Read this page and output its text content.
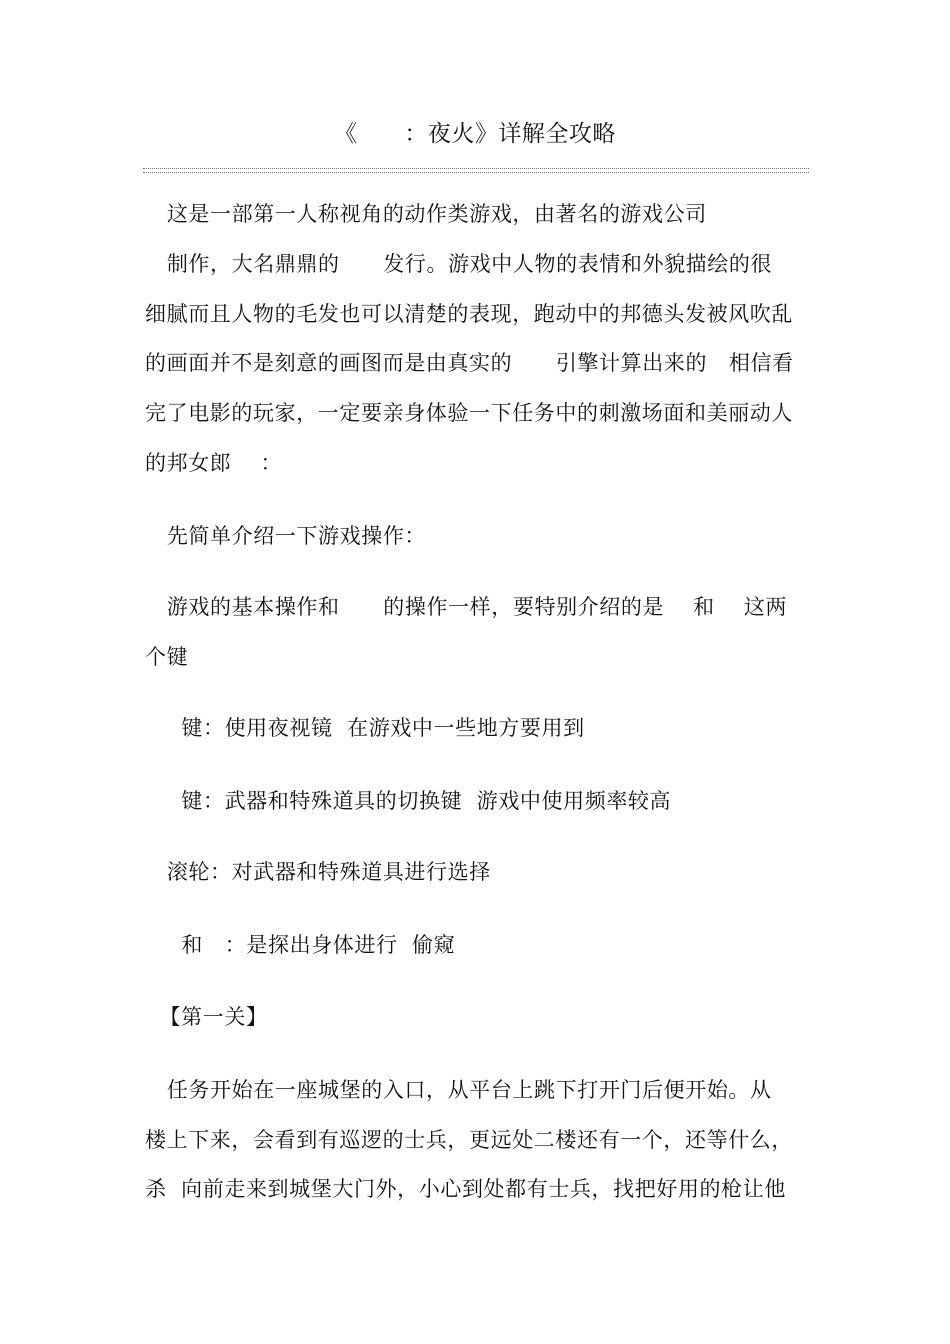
《      ：夜火》详解全攻略
这是一部第一人称视角的动作类游戏，由著名的游戏公司
制作，大名鼎鼎的      发行。游戏中人物的表情和外貌描绘的很
细腻而且人物的毛发也可以清楚的表现，跑动中的邦德头发被风吹乱
的画面并不是刻意的画图而是由真实的      引擎计算出来的   相信看
完了电影的玩家，一定要亲身体验一下任务中的刺激场面和美丽动人
的邦女郎    ：
先简单介绍一下游戏操作：
游戏的基本操作和      的操作一样，要特别介绍的是    和    这两
个键
键：使用夜视镜  在游戏中一些地方要用到
键：武器和特殊道具的切换键  游戏中使用频率较高
滚轮：对武器和特殊道具进行选择
和   ：是探出身体进行  偷窥
【第一关】
任务开始在一座城堡的入口，从平台上跳下打开门后便开始。从
楼上下来，会看到有巡逻的士兵，更远处二楼还有一个，还等什么，
杀  向前走来到城堡大门外，小心到处都有士兵，找把好用的枪让他
